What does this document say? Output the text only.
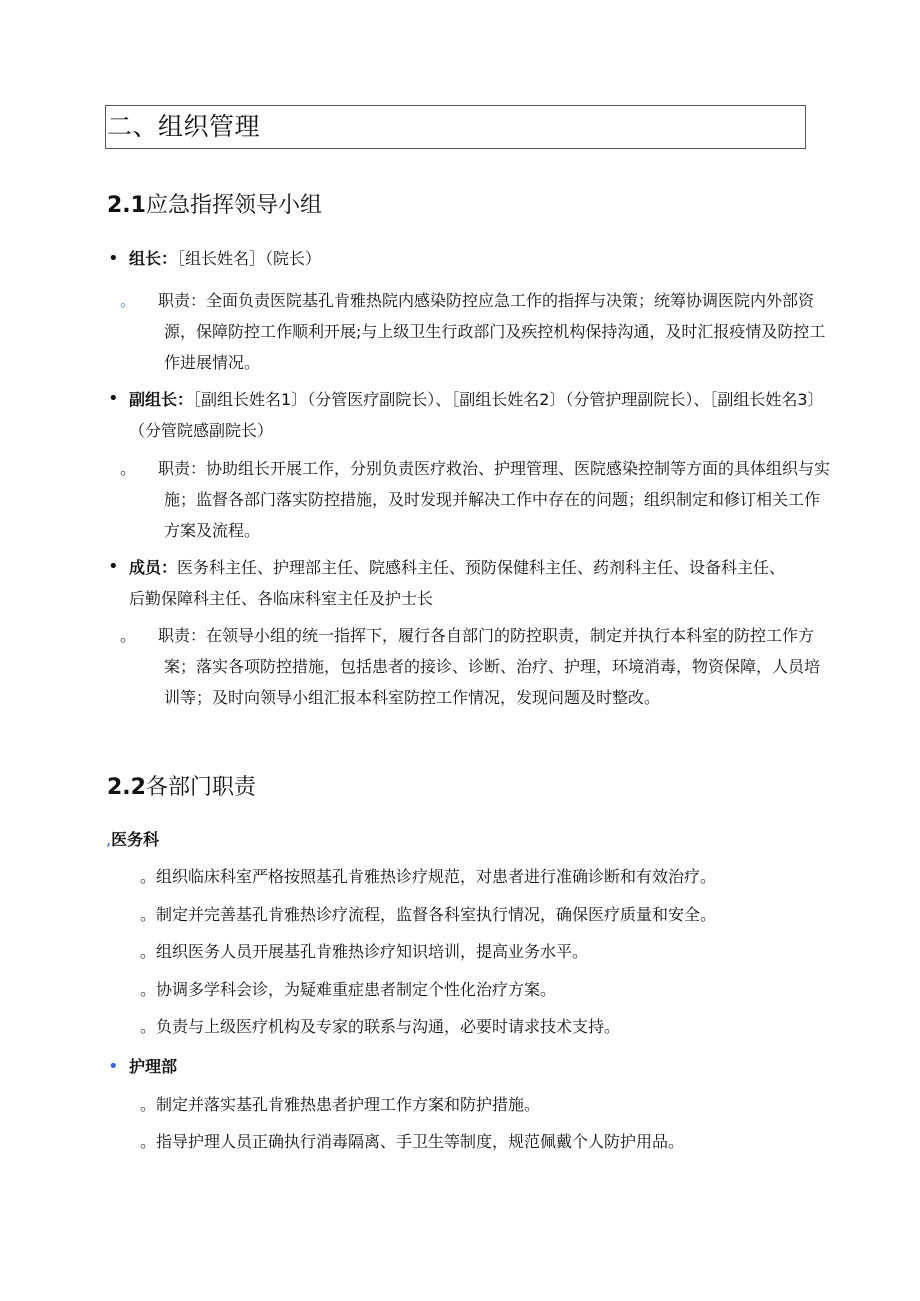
二、组织管理
2.1应急指挥领导小组
• 组长：［组长姓名］（院长）
。 职责：全面负责医院基孔肯雅热院内感染防控应急工作的指挥与决策；统筹协调医院内外部资源，保障防控工作顺利开展;与上级卫生行政部门及疾控机构保持沟通，及时汇报疫情及防控工作进展情况。
• 副组长：［副组长姓名1〕（分管医疗副院长）、［副组长姓名2〕（分管护理副院长）、［副组长姓名3〕（分管院感副院长）
。 职责：协助组长开展工作，分别负责医疗救治、护理管理、医院感染控制等方面的具体组织与实施；监督各部门落实防控措施，及时发现并解决工作中存在的问题；组织制定和修订相关工作方案及流程。
• 成员：医务科主任、护理部主任、院感科主任、预防保健科主任、药剂科主任、设备科主任、后勤保障科主任、各临床科室主任及护士长
。 职责：在领导小组的统一指挥下，履行各自部门的防控职责，制定并执行本科室的防控工作方案；落实各项防控措施，包括患者的接诊、诊断、治疗、护理，环境消毒，物资保障，人员培训等；及时向领导小组汇报本科室防控工作情况，发现问题及时整改。
2.2各部门职责
,医务科
。组织临床科室严格按照基孔肯雅热诊疗规范，对患者进行准确诊断和有效治疗。
。制定并完善基孔肯雅热诊疗流程，监督各科室执行情况，确保医疗质量和安全。
。组织医务人员开展基孔肯雅热诊疗知识培训，提高业务水平。
。协调多学科会诊，为疑难重症患者制定个性化治疗方案。
。负责与上级医疗机构及专家的联系与沟通，必要时请求技术支持。
• 护理部
。制定并落实基孔肯雅热患者护理工作方案和防护措施。
。指导护理人员正确执行消毒隔离、手卫生等制度，规范佩戴个人防护用品。
